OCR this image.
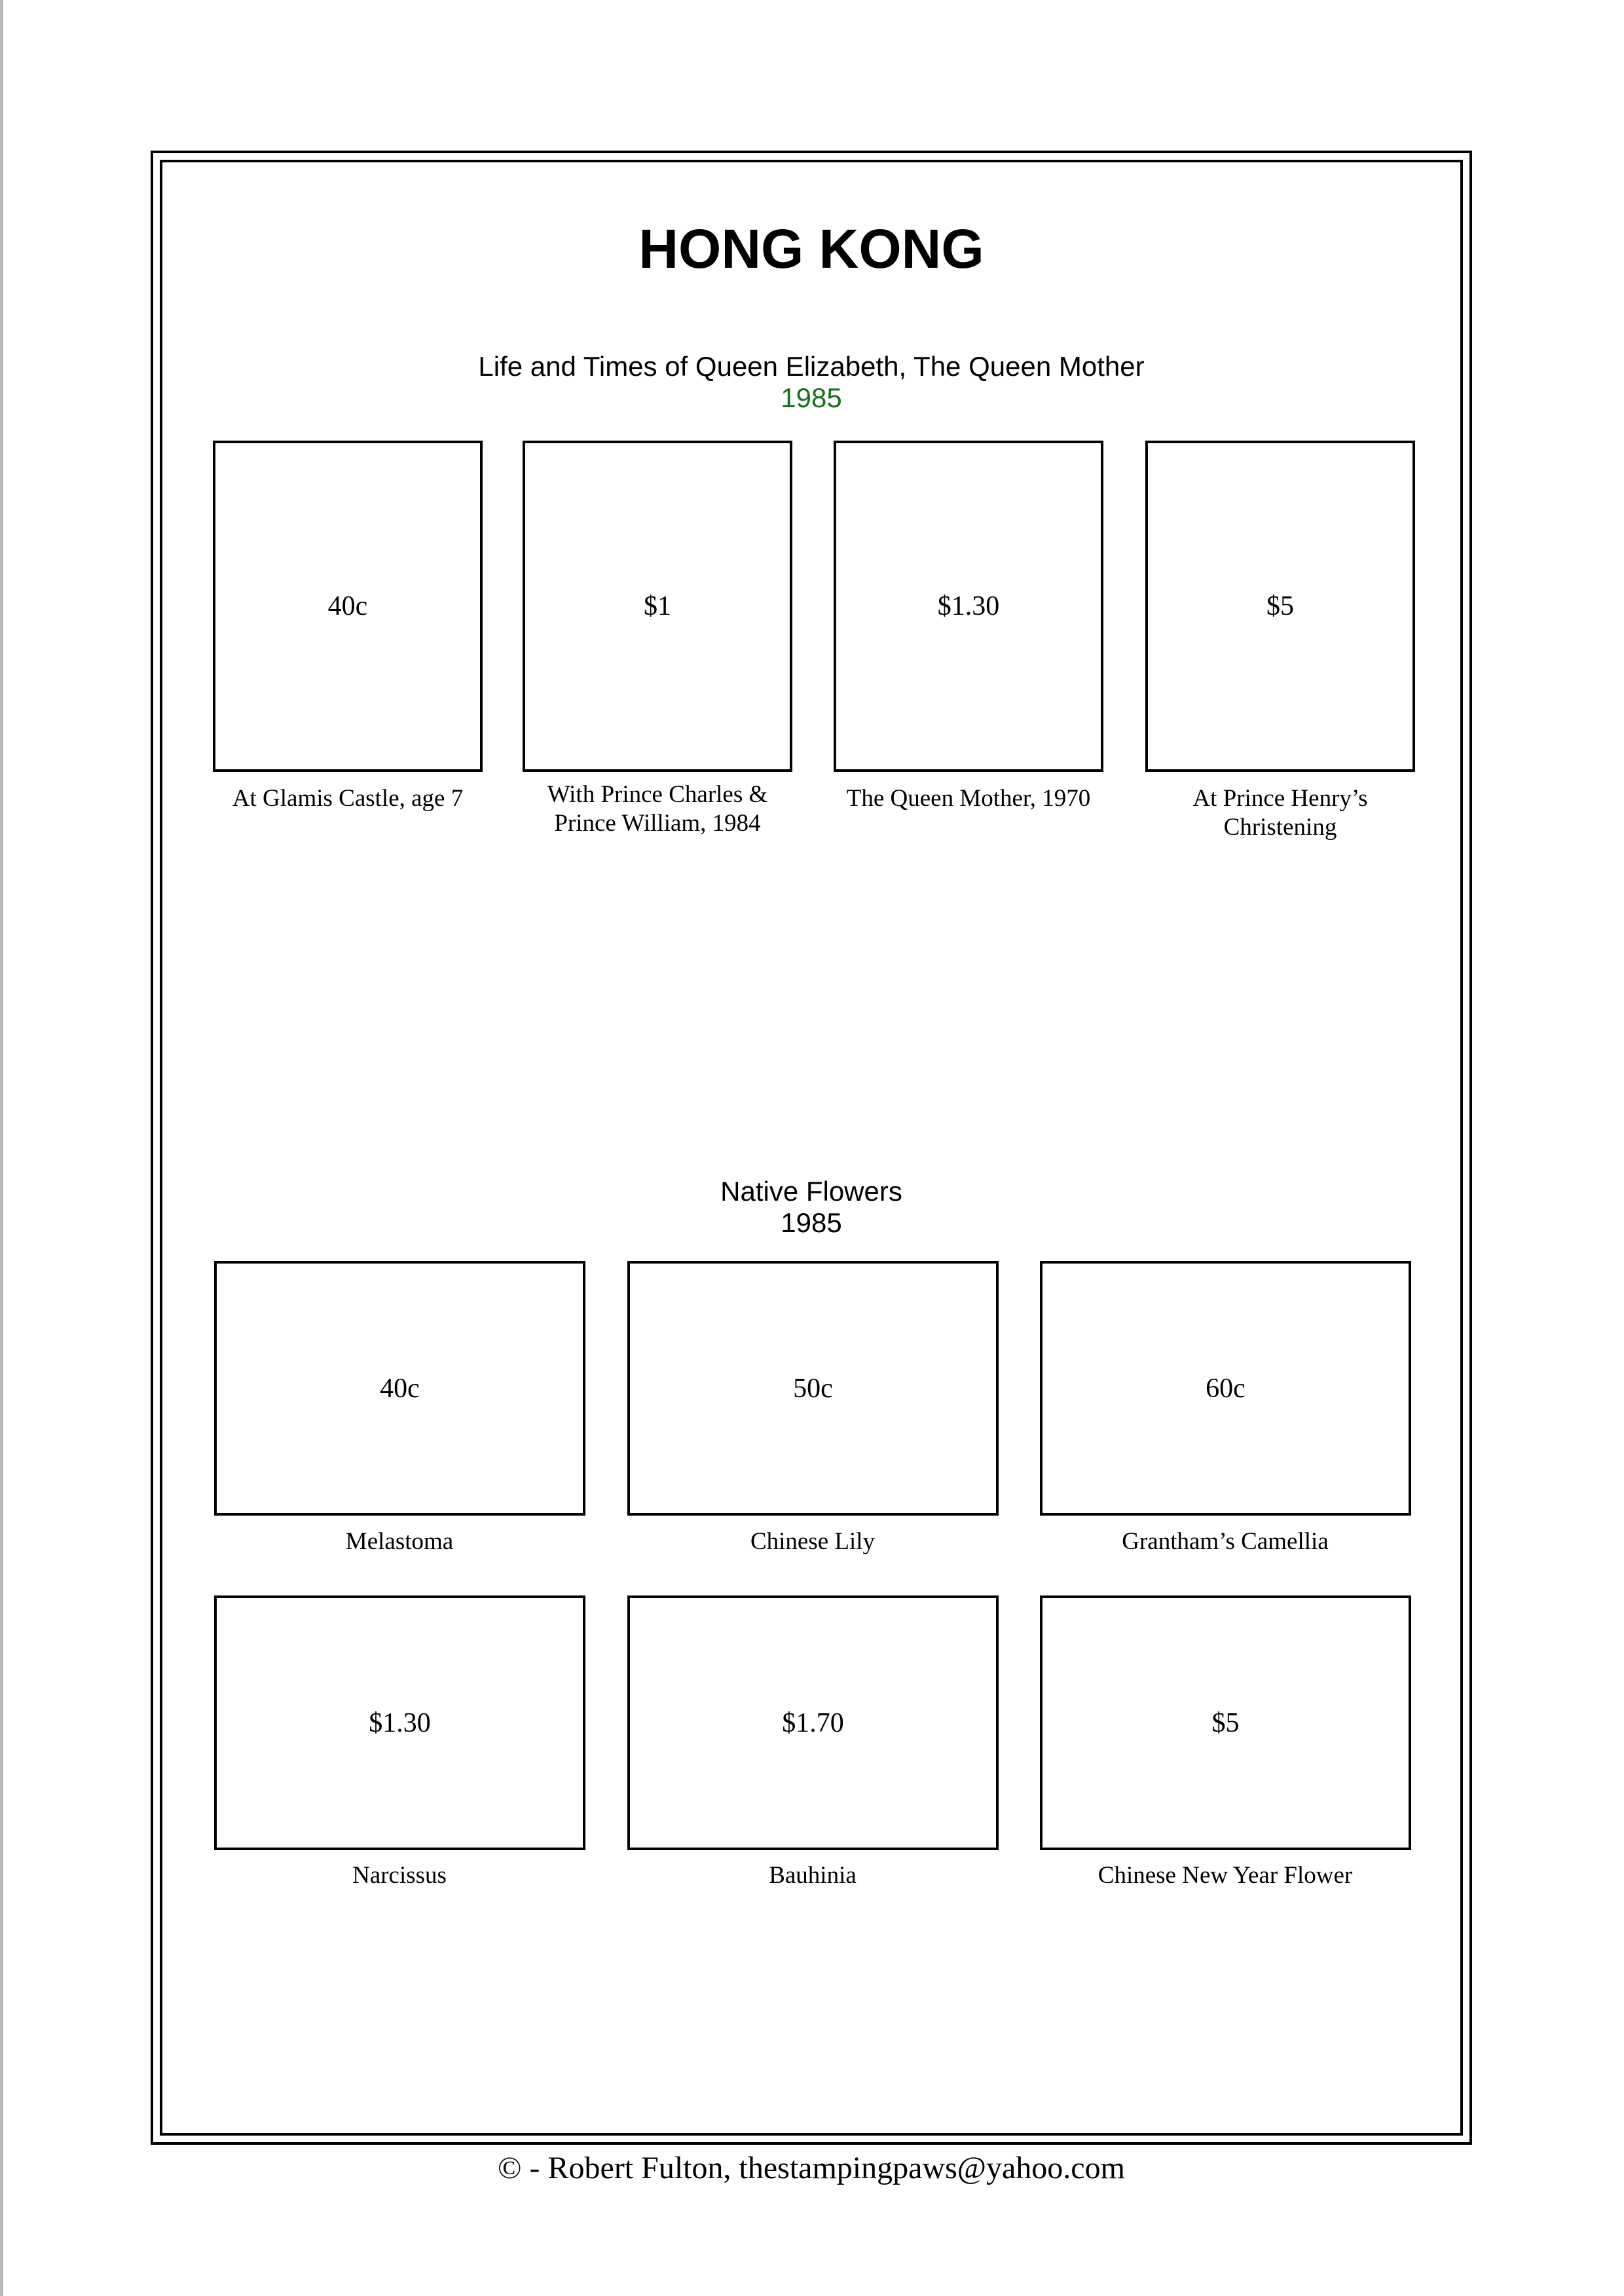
HONG KONG
Life and Times of Queen Elizabeth, The Queen Mother
1985
40c
At Glamis Castle, age 7
$1
With Prince Charles &
Prince William, 1984
$1.30
The Queen Mother, 1970
$5
At Prince Henry’s
Christening
Native Flowers
1985
40c
Melastoma
50c
Chinese Lily
60c
Grantham’s Camellia
$1.30
Narcissus
$1.70
Bauhinia
$5
Chinese New Year Flower
© - Robert Fulton, thestampingpaws@yahoo.com
